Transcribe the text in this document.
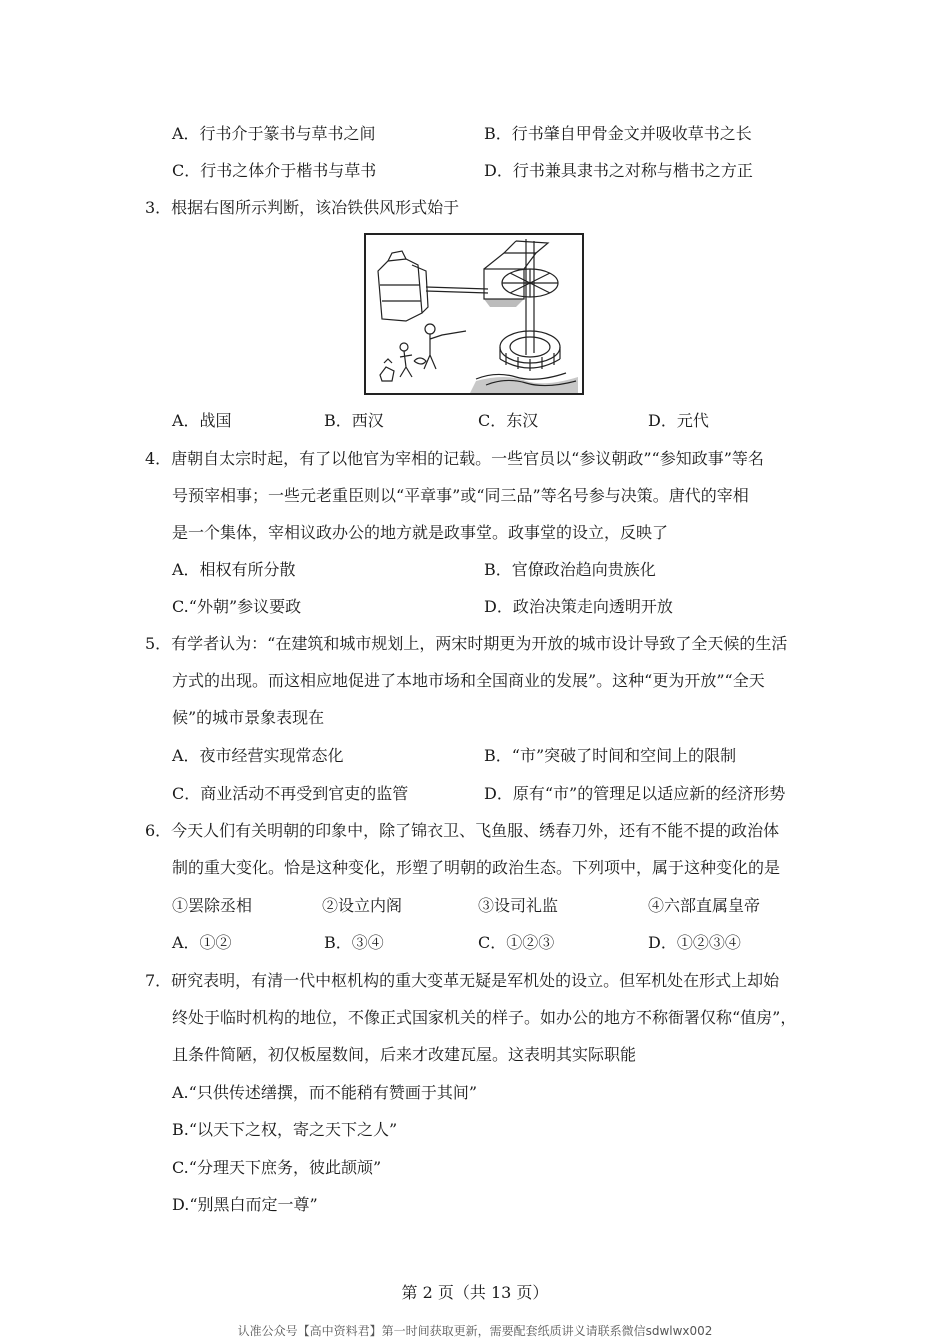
A．行书介于篆书与草书之间	B．行书肇自甲骨金文并吸收草书之长
C．行书之体介于楷书与草书	D．行书兼具隶书之对称与楷书之方正
3．根据右图所示判断，该冶铁供风形式始于
A．战国	B．西汉	C．东汉	D．元代
4．唐朝自太宗时起，有了以他官为宰相的记载。一些官员以“参议朝政”“参知政事”等名
号预宰相事；一些元老重臣则以“平章事”或“同三品”等名号参与决策。唐代的宰相
是一个集体，宰相议政办公的地方就是政事堂。政事堂的设立，反映了
A．相权有所分散	B．官僚政治趋向贵族化
C.“外朝”参议要政	D．政治决策走向透明开放
5．有学者认为：“在建筑和城市规划上，两宋时期更为开放的城市设计导致了全天候的生活
方式的出现。而这相应地促进了本地市场和全国商业的发展”。这种“更为开放”“全天
候”的城市景象表现在
A．夜市经营实现常态化	B．“市”突破了时间和空间上的限制
C．商业活动不再受到官吏的监管	D．原有“市”的管理足以适应新的经济形势
6．今天人们有关明朝的印象中，除了锦衣卫、飞鱼服、绣春刀外，还有不能不提的政治体
制的重大变化。恰是这种变化，形塑了明朝的政治生态。下列项中，属于这种变化的是
①罢除丞相	②设立内阁	③设司礼监	④六部直属皇帝
A．①②	B．③④	C．①②③	D．①②③④
7．研究表明，有清一代中枢机构的重大变革无疑是军机处的设立。但军机处在形式上却始
终处于临时机构的地位，不像正式国家机关的样子。如办公的地方不称衙署仅称“值房”，
且条件简陋，初仅板屋数间，后来才改建瓦屋。这表明其实际职能
A.“只供传述缮撰，而不能稍有赞画于其间”
B.“以天下之权，寄之天下之人”
C.“分理天下庶务，彼此颉颃”
D.“别黑白而定一尊”
第 2 页（共 13 页）
认准公众号【高中资料君】第一时间获取更新，需要配套纸质讲义请联系微信sdwlwx002
